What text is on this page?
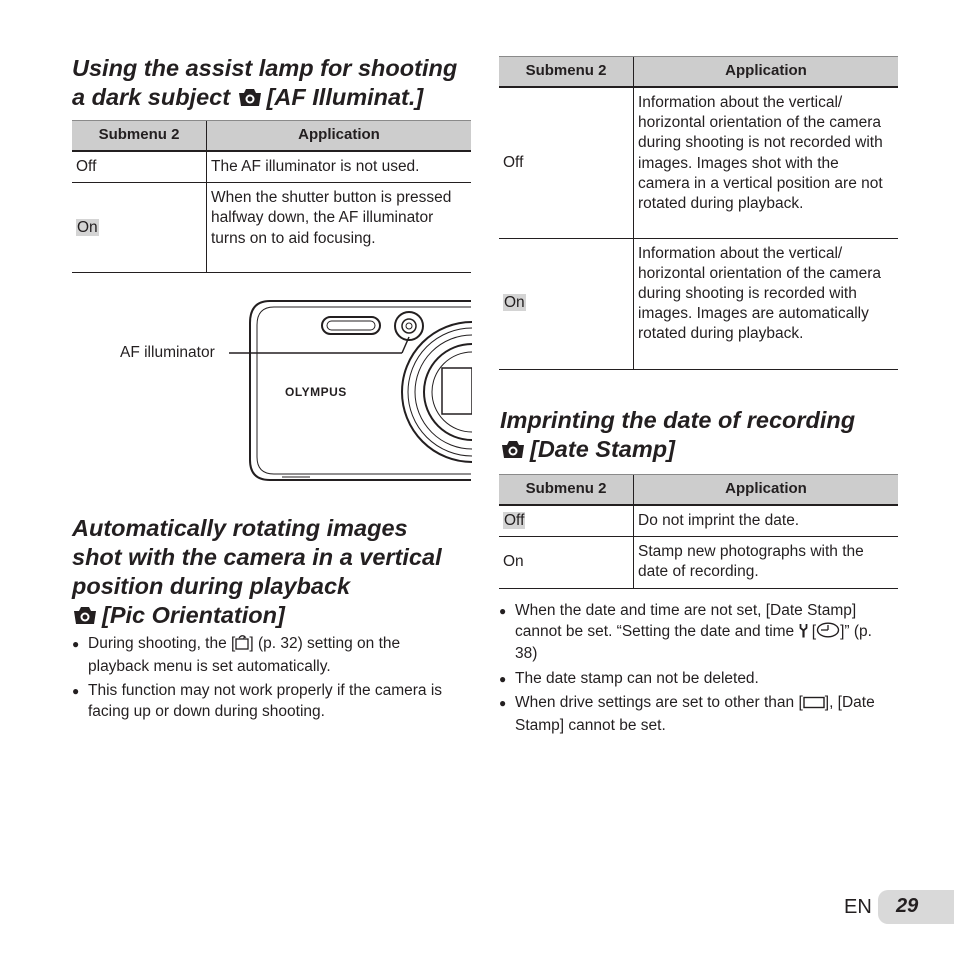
Using the assist lamp for shooting
a dark subject [AF Illuminat.]
Submenu 2	Application
Off	The AF illuminator is not used.
On	When the shutter button is pressed halfway down, the AF illuminator turns on to aid focusing.
AF illuminator
OLYMPUS
Automatically rotating images
shot with the camera in a vertical
position during playback
[Pic Orientation]
● During shooting, the [ ] (p. 32) setting on the playback menu is set automatically.
● This function may not work properly if the camera is facing up or down during shooting.
Submenu 2	Application
Off	Information about the vertical/ horizontal orientation of the camera during shooting is not recorded with images. Images shot with the camera in a vertical position are not rotated during playback.
On	Information about the vertical/ horizontal orientation of the camera during shooting is recorded with images. Images are automatically rotated during playback.
Imprinting the date of recording
[Date Stamp]
Submenu 2	Application
Off	Do not imprint the date.
On	Stamp new photographs with the date of recording.
● When the date and time are not set, [Date Stamp] cannot be set. “Setting the date and time  [ ]” (p. 38)
● The date stamp can not be deleted.
● When drive settings are set to other than [ ], [Date Stamp] cannot be set.
EN 29
